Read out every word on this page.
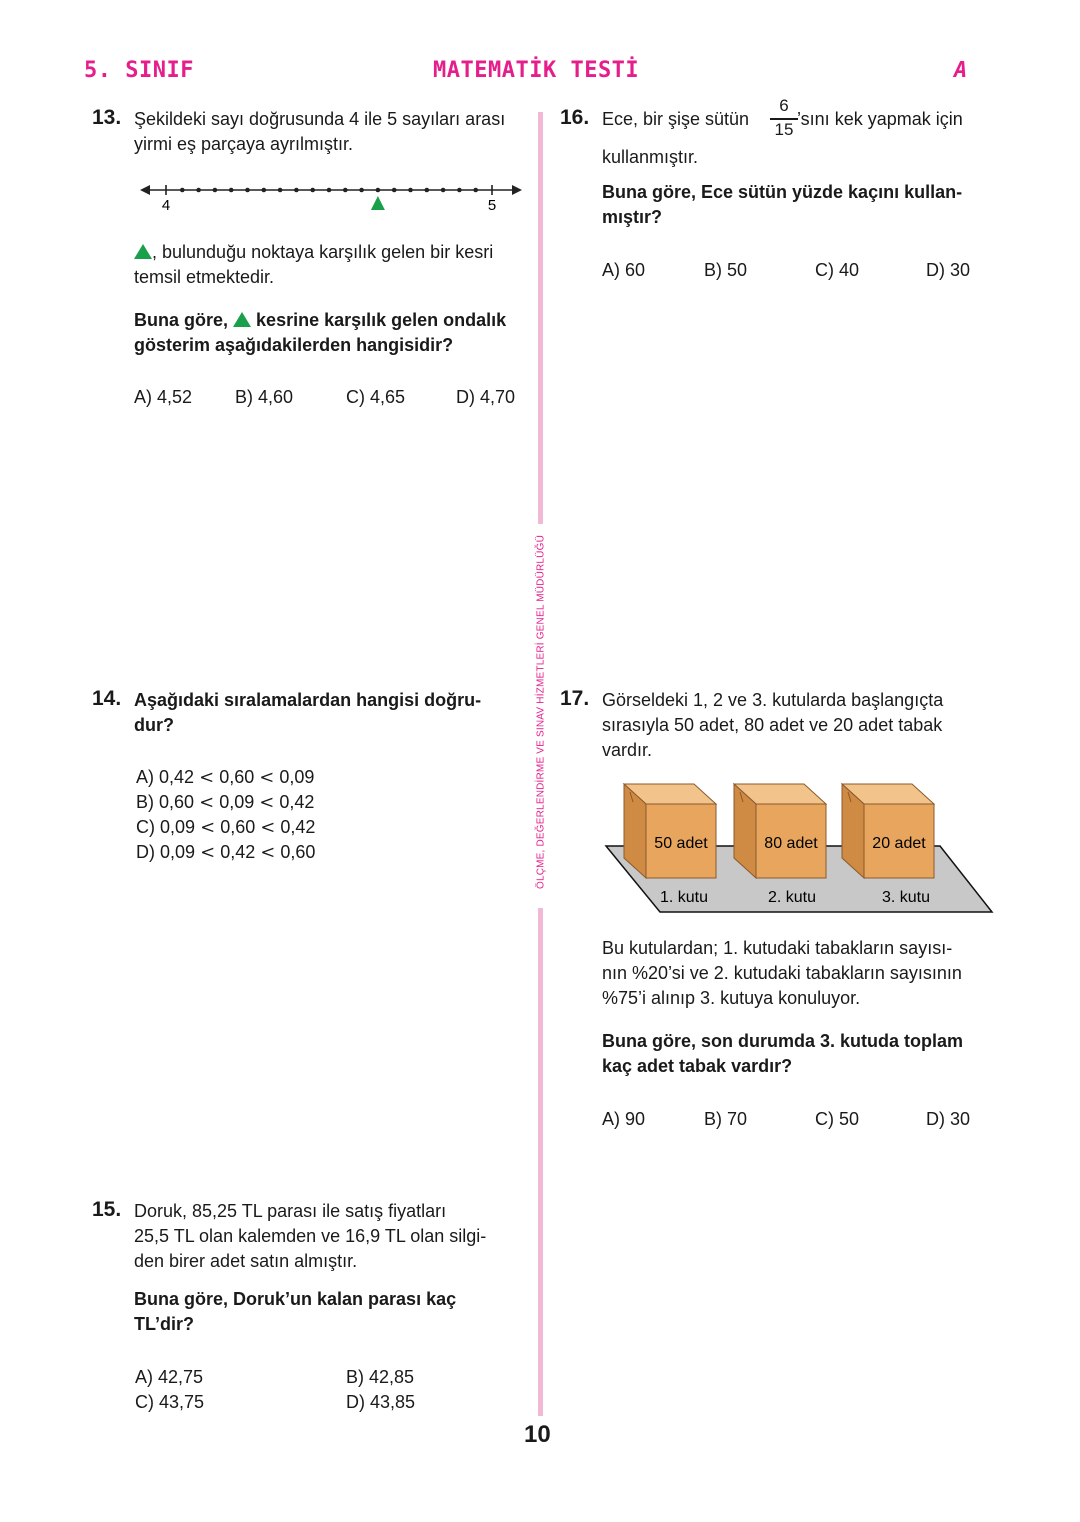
5. SINIF	MATEMATİK TESTİ	A
ÖLÇME, DEĞERLENDİRME VE SINAV HİZMETLERİ GENEL MÜDÜRLÜĞÜ
13. Şekildeki sayı doğrusunda 4 ile 5 sayıları arası
yirmi eş parçaya ayrılmıştır.
4	5
, bulunduğu noktaya karşılık gelen bir kesri
temsil etmektedir.
Buna göre, kesrine karşılık gelen ondalık
gösterim aşağıdakilerden hangisidir?
A) 4,52 B) 4,60	C) 4,65	D) 4,70
14. Aşağıdaki sıralamalardan hangisi doğru-
dur?
A) 0,42 < 0,60 < 0,09
B) 0,60 < 0,09 < 0,42
C) 0,09 < 0,60 < 0,42
D) 0,09 < 0,42 < 0,60
15. Doruk, 85,25 TL parası ile satış fiyatları
25,5 TL olan kalemden ve 16,9 TL olan silgi-
den birer adet satın almıştır.
Buna göre, Doruk’un kalan parası kaç
TL’dir?
A) 42,75	B) 42,85
C) 43,75	D) 43,85
16. Ece, bir şişe sütün
6
15
’sını kek yapmak için
kullanmıştır.
Buna göre, Ece sütün yüzde kaçını kullan-
mıştır?
A) 60	B) 50	C) 40	D) 30
17. Görseldeki 1, 2 ve 3. kutularda başlangıçta
sırasıyla 50 adet, 80 adet ve 20 adet tabak
vardır.
50 adet	80 adet	20 adet
1. kutu	2. kutu	3. kutu
Bu kutulardan; 1. kutudaki tabakların sayısı-
nın %20’si ve 2. kutudaki tabakların sayısının
%75’i alınıp 3. kutuya konuluyor.
Buna göre, son durumda 3. kutuda toplam
kaç adet tabak vardır?
A) 90	B) 70	C) 50	D) 30
10
